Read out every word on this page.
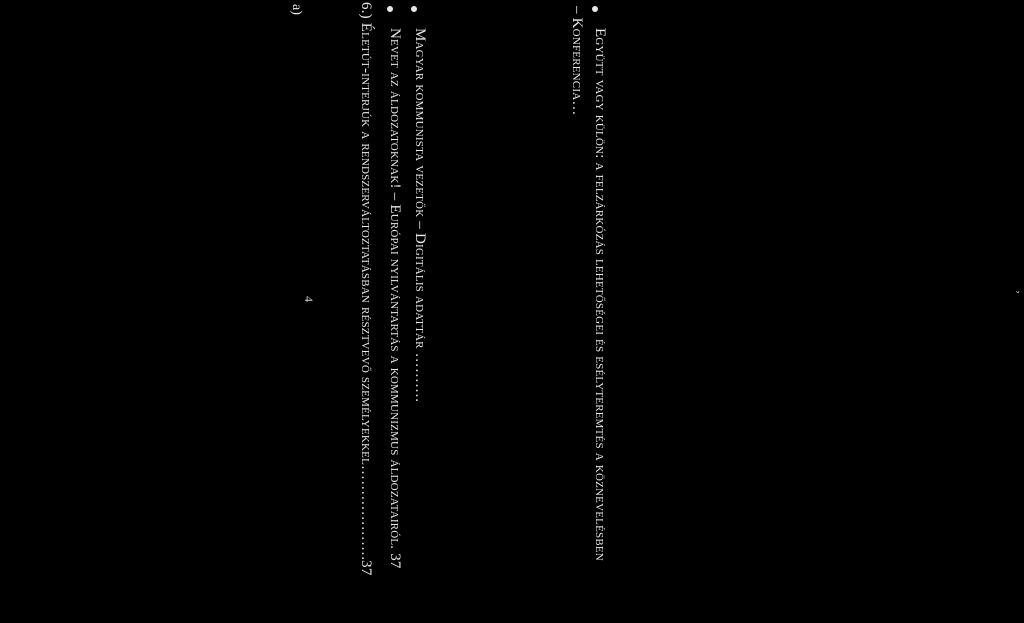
Együtt vagy külön: a felzárkózás lehetőségei és esélyteremtés a köznevelésben
– Konferencia…
Magyar kommunista vezetők – Digitális adattár ……….
Nevet az áldozatoknak! – Európai nyilvántartás a kommunizmus áldozatairól. 37
6.) Életút-interjúk a rendszerváltoztatásban résztvevő személyekkel……………….37
a)
4
ʼ
